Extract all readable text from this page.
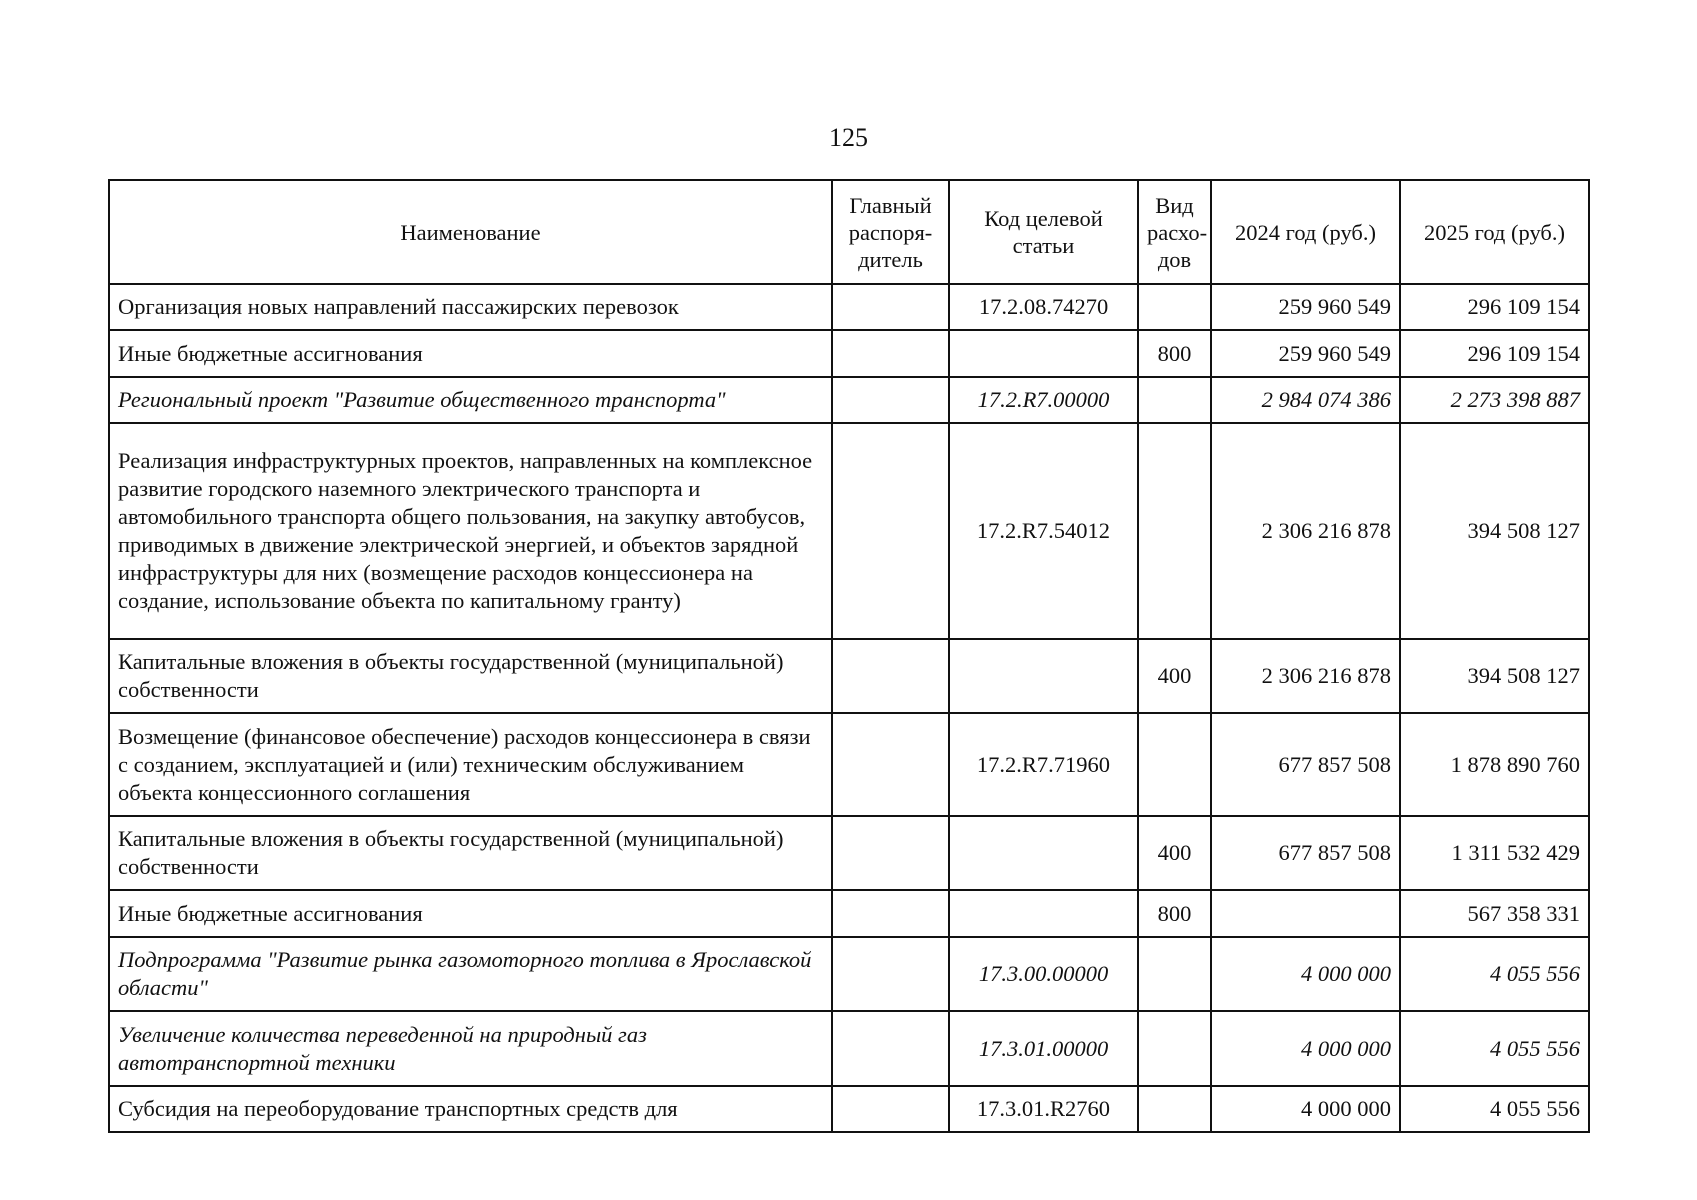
125
Наименование	Главный распоря-дитель	Код целевой статьи	Вид расхо-дов	2024 год (руб.)	2025 год (руб.)
Организация новых направлений пассажирских перевозок		17.2.08.74270		259 960 549	296 109 154
Иные бюджетные ассигнования			800	259 960 549	296 109 154
Региональный проект "Развитие общественного транспорта"		17.2.R7.00000		2 984 074 386	2 273 398 887
Реализация инфраструктурных проектов, направленных на комплексное развитие городского наземного электрического транспорта и автомобильного транспорта общего пользования, на закупку автобусов, приводимых в движение электрической энергией, и объектов зарядной инфраструктуры для них (возмещение расходов концессионера на создание, использование объекта по капитальному гранту)		17.2.R7.54012		2 306 216 878	394 508 127
Капитальные вложения в объекты государственной (муниципальной) собственности			400	2 306 216 878	394 508 127
Возмещение (финансовое обеспечение) расходов концессионера в связи с созданием, эксплуатацией и (или) техническим обслуживанием объекта концессионного соглашения		17.2.R7.71960		677 857 508	1 878 890 760
Капитальные вложения в объекты государственной (муниципальной) собственности			400	677 857 508	1 311 532 429
Иные бюджетные ассигнования			800		567 358 331
Подпрограмма "Развитие рынка газомоторного топлива в Ярославской области"		17.3.00.00000		4 000 000	4 055 556
Увеличение количества переведенной на природный газ автотранспортной техники		17.3.01.00000		4 000 000	4 055 556
Субсидия на переоборудование транспортных средств для		17.3.01.R2760		4 000 000	4 055 556
